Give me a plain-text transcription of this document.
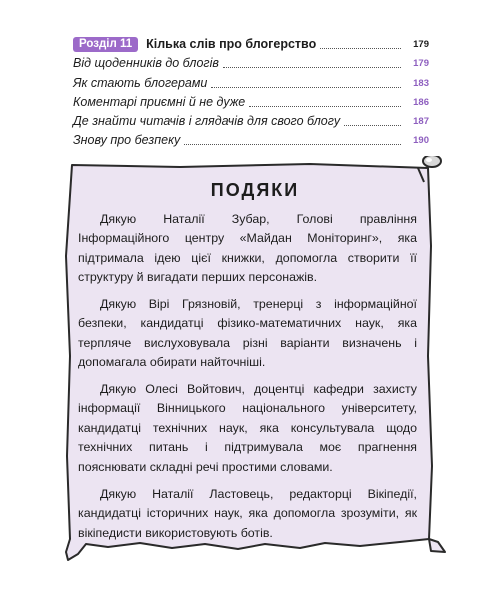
Розділ 11	Кілька слів про блогерство	179
Від щоденників до блогів	179
Як стають блогерами	183
Коментарі приємні й не дуже	186
Де знайти читачів і глядачів для свого блогу	187
Знову про безпеку	190
ПОДЯКИ

Дякую Наталії Зубар, Голові правління Інформаційного центру «Майдан Моніторинг», яка підтримала ідею цієї книжки, допомогла створити її структуру й вигадати перших персонажів.

Дякую Вірі Грязновій, тренерці з інформаційної безпеки, кандидатці фізико-математичних наук, яка терпляче вислуховувала різні варіанти визначень і допомагала обирати найточніші.

Дякую Олесі Войтович, доцентці кафедри захисту інформації Вінницького національного університету, кандидатці технічних наук, яка консультувала щодо технічних питань і підтримувала моє прагнення пояснювати складні речі простими словами.

Дякую Наталії Ластовець, редакторці Вікіпедії, кандидатці історичних наук, яка допомогла зрозуміти, як вікіпедисти використовують ботів.
